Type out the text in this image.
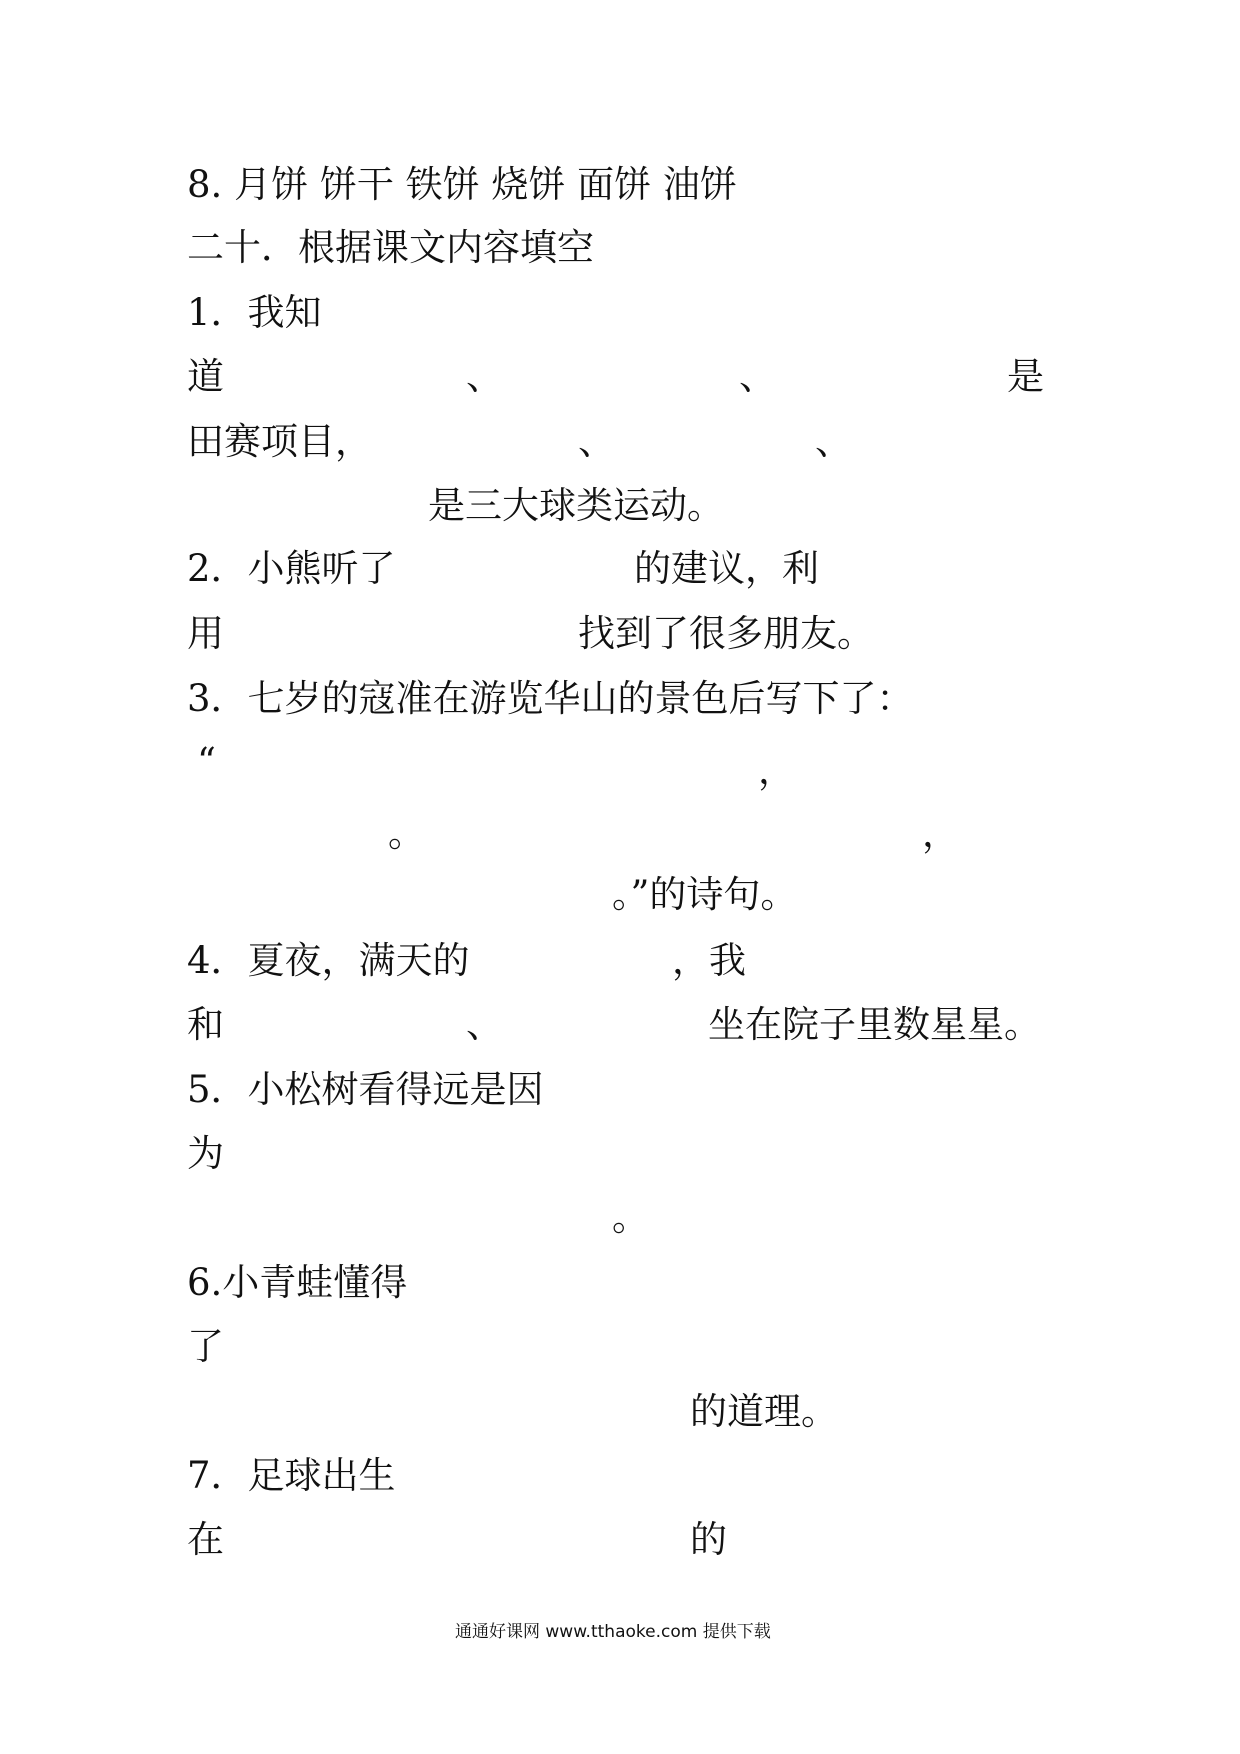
8. 月饼 饼干 铁饼 烧饼 面饼 油饼
二十．根据课文内容填空
1．我知
道	、	、	是
田赛项目，	、	、
是三大球类运动。
2．小熊听了	的建议，利
用	找到了很多朋友。
3．七岁的寇准在游览华山的景色后写下了：
“	，
。	，
。”的诗句。
4．夏夜，满天的	，我
和	、	坐在院子里数星星。
5．小松树看得远是因
为
。
6.小青蛙懂得
了
的道理。
7．足球出生
在	的
通通好课网 www.tthaoke.com 提供下载
